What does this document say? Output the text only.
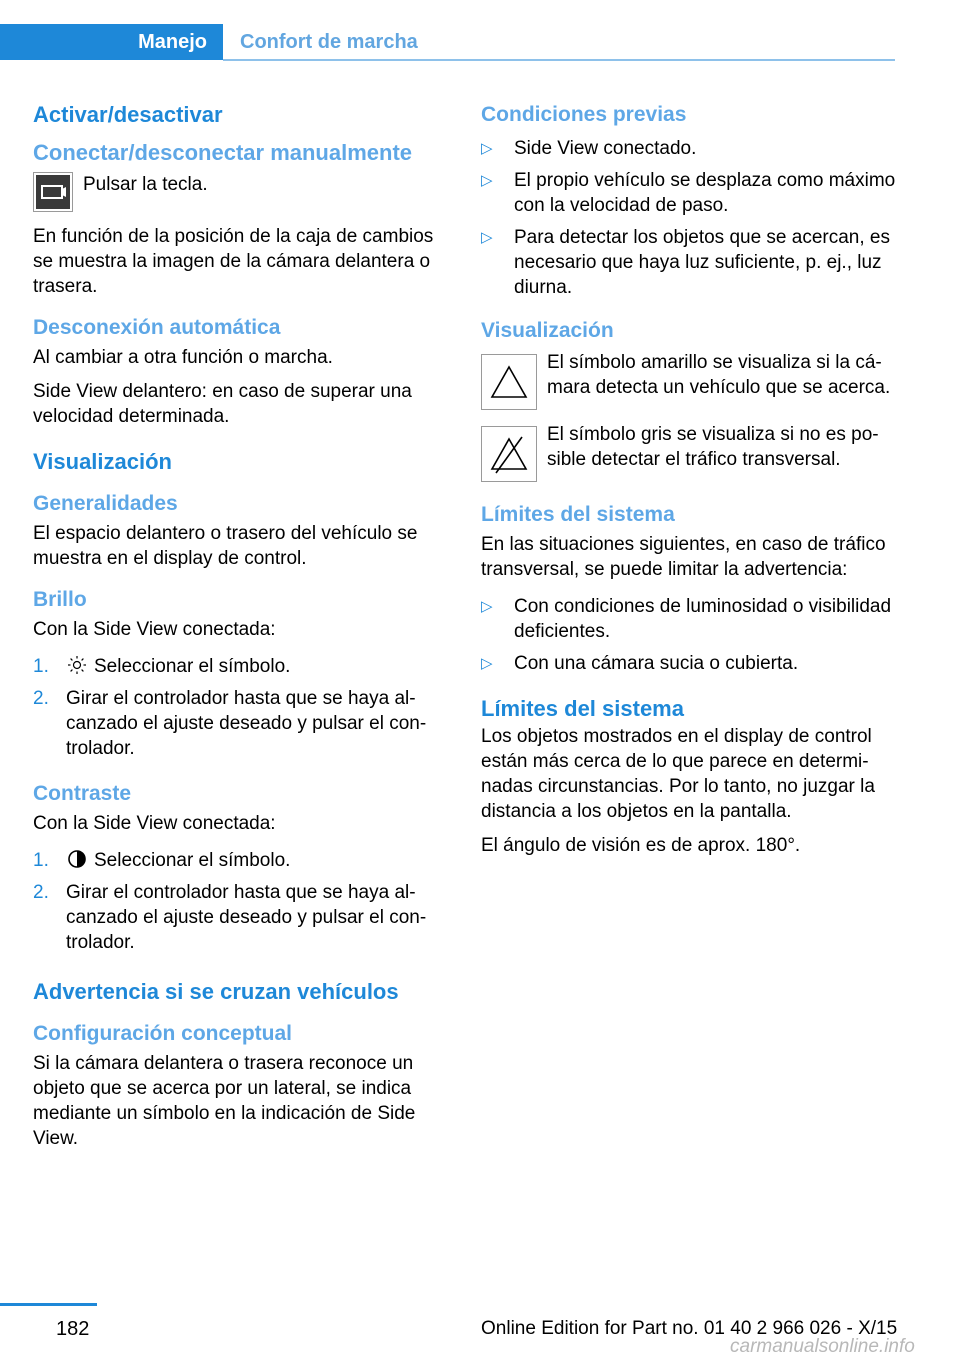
Manejo Confort de marcha
Activar/desactivar
Conectar/desconectar manualmente
Pulsar la tecla.

En función de la posición de la caja de cambios se muestra la imagen de la cámara delantera o trasera.

Desconexión automática

Al cambiar a otra función o marcha.

Side View delantero: en caso de superar una velocidad determinada.

Visualización
Generalidades

El espacio delantero o trasero del vehículo se muestra en el display de control.

Brillo

Con la Side View conectada:

1. Seleccionar el símbolo.
2. Girar el controlador hasta que se haya alcanzado el ajuste deseado y pulsar el controlador.
Contraste

Con la Side View conectada:

1. Seleccionar el símbolo.
2. Girar el controlador hasta que se haya alcanzado el ajuste deseado y pulsar el controlador.
Advertencia si se cruzan vehículos
Configuración conceptual

Si la cámara delantera o trasera reconoce un objeto que se acerca por un lateral, se indica mediante un símbolo en la indicación de Side View.

Condiciones previas
▷ Side View conectado.
▷ El propio vehículo se desplaza como máximo con la velocidad de paso.
▷ Para detectar los objetos que se acercan, es necesario que haya luz suficiente, p. ej., luz diurna.
Visualización
El símbolo amarillo se visualiza si la cámara detecta un vehículo que se acerca.
El símbolo gris se visualiza si no es posible detectar el tráfico transversal.
Límites del sistema

En las situaciones siguientes, en caso de tráfico transversal, se puede limitar la advertencia:

▷ Con condiciones de luminosidad o visibilidad deficientes.
▷ Con una cámara sucia o cubierta.
Límites del sistema

Los objetos mostrados en el display de control están más cerca de lo que parece en determinadas circunstancias. Por lo tanto, no juzgar la distancia a los objetos en la pantalla.

El ángulo de visión es de aprox. 180°.

182	Online Edition for Part no. 01 40 2 966 026 - X/15
carmanualsonline.info
